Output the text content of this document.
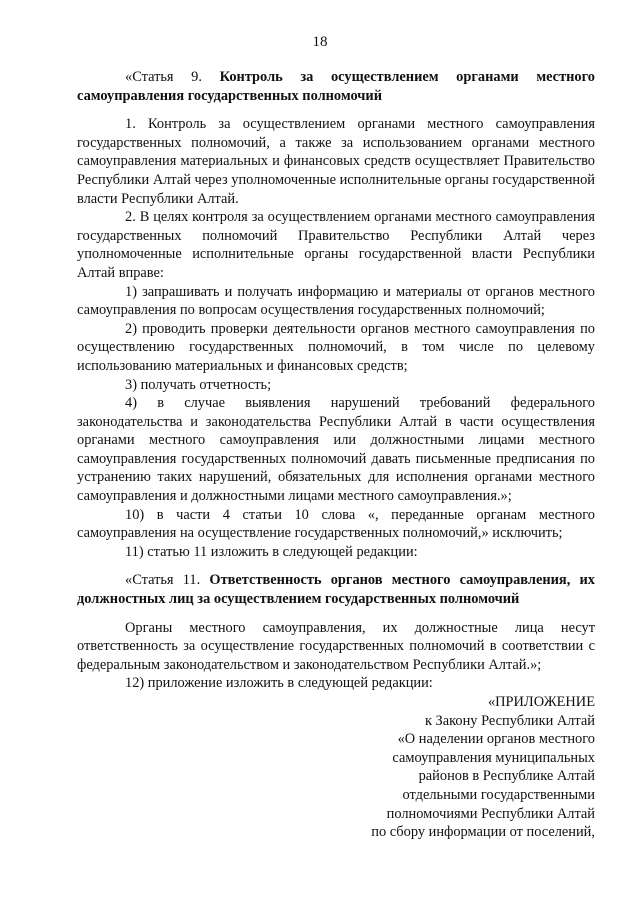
18

«Статья 9. Контроль за осуществлением органами местного самоуправления государственных полномочий

1. Контроль за осуществлением органами местного самоуправления государственных полномочий, а также за использованием органами местного самоуправления материальных и финансовых средств осуществляет Правительство Республики Алтай через уполномоченные исполнительные органы государственной власти Республики Алтай.

2. В целях контроля за осуществлением органами местного самоуправления государственных полномочий Правительство Республики Алтай через уполномоченные исполнительные органы государственной власти Республики Алтай вправе:

1) запрашивать и получать информацию и материалы от органов местного самоуправления по вопросам осуществления государственных полномочий;

2) проводить проверки деятельности органов местного самоуправления по осуществлению государственных полномочий, в том числе по целевому использованию материальных и финансовых средств;

3) получать отчетность;

4) в случае выявления нарушений требований федерального законодательства и законодательства Республики Алтай в части осуществления органами местного самоуправления или должностными лицами местного самоуправления государственных полномочий давать письменные предписания по устранению таких нарушений, обязательных для исполнения органами местного самоуправления и должностными лицами местного самоуправления.»;

10) в части 4 статьи 10 слова «, переданные органам местного самоуправления на осуществление государственных полномочий,» исключить;

11) статью 11 изложить в следующей редакции:

«Статья 11. Ответственность органов местного самоуправления, их должностных лиц за осуществлением государственных полномочий

Органы местного самоуправления, их должностные лица несут ответственность за осуществление государственных полномочий в соответствии с федеральным законодательством и законодательством Республики Алтай.»;

12) приложение изложить в следующей редакции:

«ПРИЛОЖЕНИЕ
к Закону Республики Алтай
«О наделении органов местного
самоуправления муниципальных
районов в Республике Алтай
отдельными государственными
полномочиями Республики Алтай
по сбору информации от поселений,
